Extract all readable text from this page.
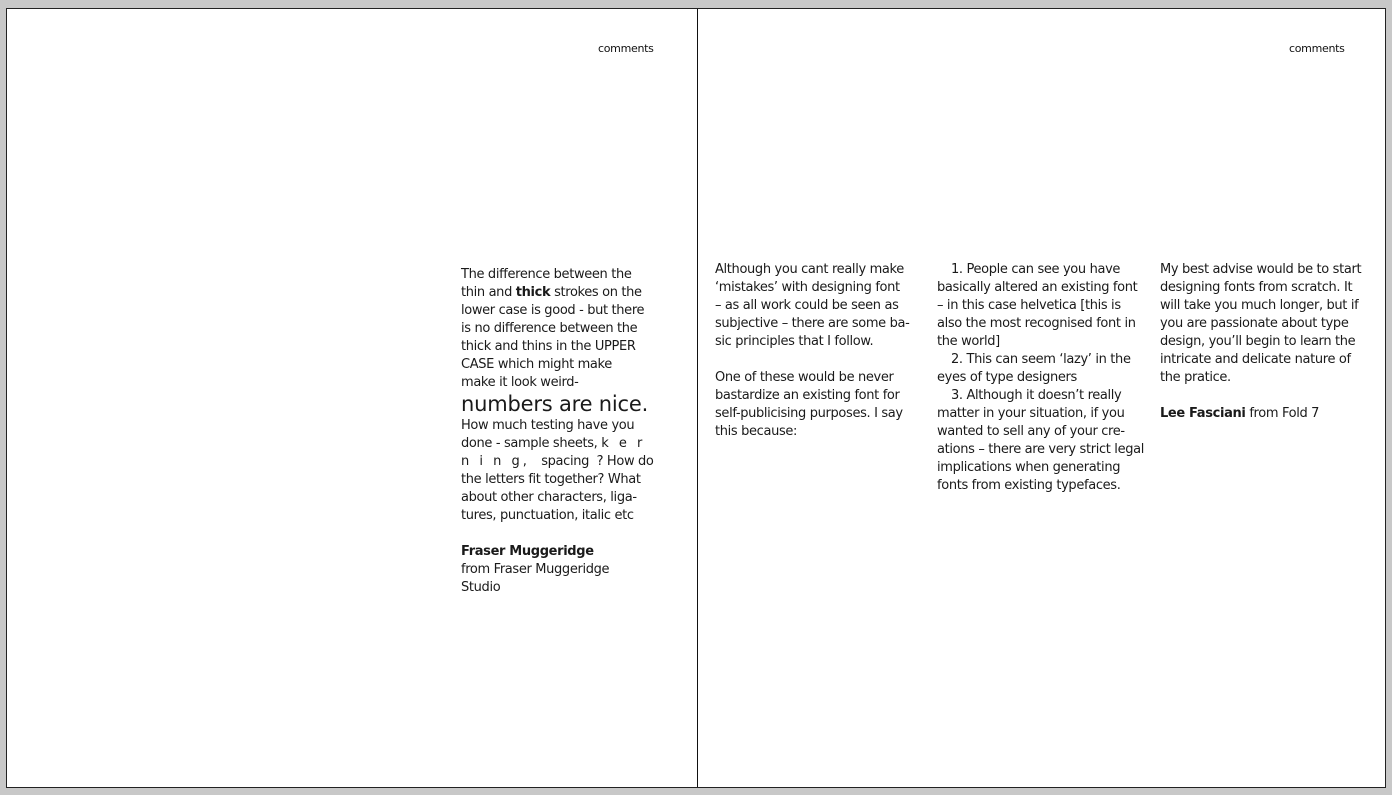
comments

The difference between the

thin and thick strokes on the

lower case is good - but there

is no difference between the

thick and thins in the UPPER

CASE which might make

make it look weird-

numbers are nice.

How much testing have you

done - sample sheets, k e r

n i n g,   spacing  ? How do

the letters fit together? What

about other characters, liga-

tures, punctuation, italic etc

Fraser Muggeridge

from Fraser Muggeridge

Studio

comments

Although you cant really make

‘mistakes’ with designing font

– as all work could be seen as

subjective – there are some ba-

sic principles that I follow.

One of these would be never

bastardize an existing font for

self-publicising purposes. I say

this because:

1. People can see you have

basically altered an existing font

– in this case helvetica [this is

also the most recognised font in

the world]

2. This can seem ‘lazy’ in the

eyes of type designers

3. Although it doesn’t really

matter in your situation, if you

wanted to sell any of your cre-

ations – there are very strict legal

implications when generating

fonts from existing typefaces.

My best advise would be to start

designing fonts from scratch. It

will take you much longer, but if

you are passionate about type

design, you’ll begin to learn the

intricate and delicate nature of

the pratice.

Lee Fasciani from Fold 7
